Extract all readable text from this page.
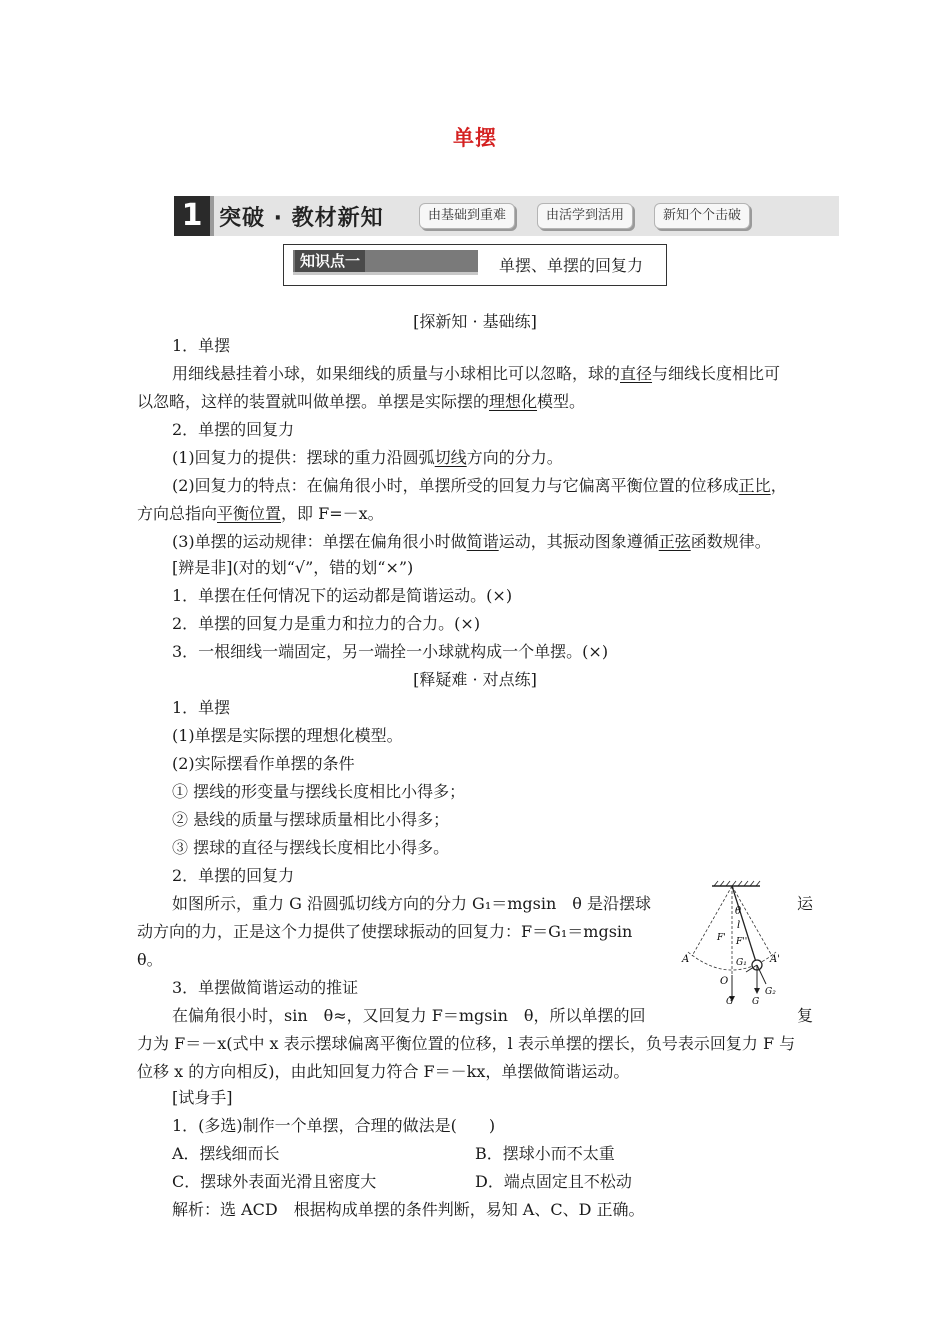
单摆
1 突破 · 教材新知	由基础到重难	由活学到活用	新知个个击破
知识点一	单摆、单摆的回复力
[探新知 · 基础练]
1．单摆
用细线悬挂着小球，如果细线的质量与小球相比可以忽略，球的直径与细线长度相比可
以忽略，这样的装置就叫做单摆。单摆是实际摆的理想化模型。
2．单摆的回复力
(1)回复力的提供：摆球的重力沿圆弧切线方向的分力。
(2)回复力的特点：在偏角很小时，单摆所受的回复力与它偏离平衡位置的位移成正比，
方向总指向平衡位置，即 F=－x。
(3)单摆的运动规律：单摆在偏角很小时做简谐运动，其振动图象遵循正弦函数规律。
[辨是非](对的划“√”，错的划“×”)
1．单摆在任何情况下的运动都是简谐运动。(×)
2．单摆的回复力是重力和拉力的合力。(×)
3．一根细线一端固定，另一端拴一小球就构成一个单摆。(×)
[释疑难 · 对点练]
1．单摆
(1)单摆是实际摆的理想化模型。
(2)实际摆看作单摆的条件
① 摆线的形变量与摆线长度相比小得多；
② 悬线的质量与摆球质量相比小得多；
③ 摆球的直径与摆线长度相比小得多。
2．单摆的回复力
如图所示，重力 G 沿圆弧切线方向的分力 G₁＝mgsin　θ 是沿摆球	运
动方向的力，正是这个力提供了使摆球振动的回复力：F＝G₁＝mgsin
θ。
3．单摆做简谐运动的推证
在偏角很小时，sin　θ≈，又回复力 F＝mgsin　θ，所以单摆的回	复
力为 F＝－x(式中 x 表示摆球偏离平衡位置的位移，l 表示单摆的摆长，负号表示回复力 F 与
位移 x 的方向相反)，由此知回复力符合 F＝－kx，单摆做简谐运动。
[试身手]
1．(多选)制作一个单摆，合理的做法是(　　)
A．摆线细而长	B．摆球小而不太重
C．摆球外表面光滑且密度大	D．端点固定且不松动
解析：选 ACD　根据构成单摆的条件判断，易知 A、C、D 正确。
θ
l
F' F''
A	A'
G₁
O
G₂
G G
